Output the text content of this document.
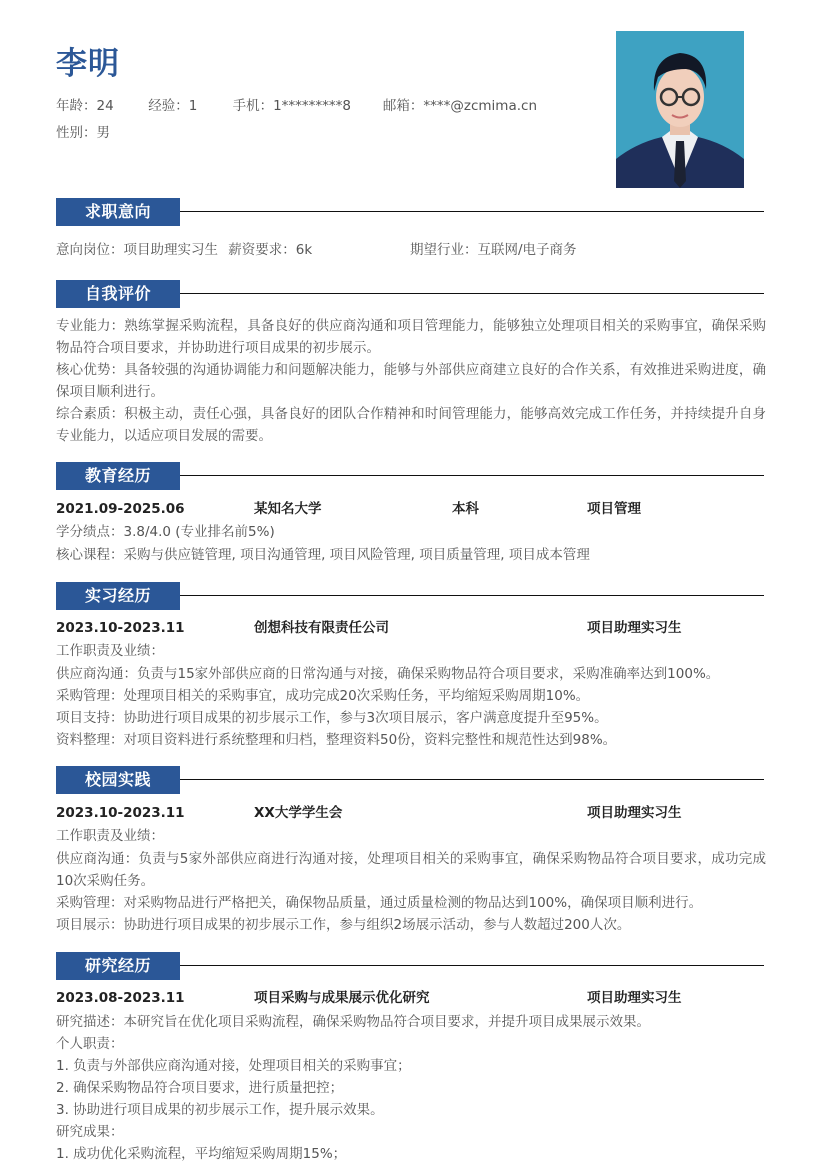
李明
年龄：24	经验：1	手机：1*********8 邮箱：****@zcmima.cn
性别：男
求职意向
意向岗位：项目助理实习生 薪资要求：6k	期望行业：互联网/电子商务
自我评价
专业能力：熟练掌握采购流程，具备良好的供应商沟通和项目管理能力，能够独立处理项目相关的采购事宜，确保采购物品符合项目要求，并协助进行项目成果的初步展示。
核心优势：具备较强的沟通协调能力和问题解决能力，能够与外部供应商建立良好的合作关系，有效推进采购进度，确保项目顺利进行。
综合素质：积极主动，责任心强，具备良好的团队合作精神和时间管理能力，能够高效完成工作任务，并持续提升自身专业能力，以适应项目发展的需要。
教育经历
2021.09-2025.06	某知名大学	本科	项目管理
学分绩点：3.8/4.0 (专业排名前5%)
核心课程：采购与供应链管理, 项目沟通管理, 项目风险管理, 项目质量管理, 项目成本管理
实习经历
2023.10-2023.11	创想科技有限责任公司	项目助理实习生
工作职责及业绩：
供应商沟通：负责与15家外部供应商的日常沟通与对接，确保采购物品符合项目要求，采购准确率达到100%。
采购管理：处理项目相关的采购事宜，成功完成20次采购任务，平均缩短采购周期10%。
项目支持：协助进行项目成果的初步展示工作，参与3次项目展示，客户满意度提升至95%。
资料整理：对项目资料进行系统整理和归档，整理资料50份，资料完整性和规范性达到98%。
校园实践
2023.10-2023.11	XX大学学生会	项目助理实习生
工作职责及业绩：
供应商沟通：负责与5家外部供应商进行沟通对接，处理项目相关的采购事宜，确保采购物品符合项目要求，成功完成10次采购任务。
采购管理：对采购物品进行严格把关，确保物品质量，通过质量检测的物品达到100%，确保项目顺利进行。
项目展示：协助进行项目成果的初步展示工作，参与组织2场展示活动，参与人数超过200人次。
研究经历
2023.08-2023.11	项目采购与成果展示优化研究	项目助理实习生
研究描述：本研究旨在优化项目采购流程，确保采购物品符合项目要求，并提升项目成果展示效果。
个人职责：
1. 负责与外部供应商沟通对接，处理项目相关的采购事宜；
2. 确保采购物品符合项目要求，进行质量把控；
3. 协助进行项目成果的初步展示工作，提升展示效果。
研究成果：
1. 成功优化采购流程，平均缩短采购周期15%；
